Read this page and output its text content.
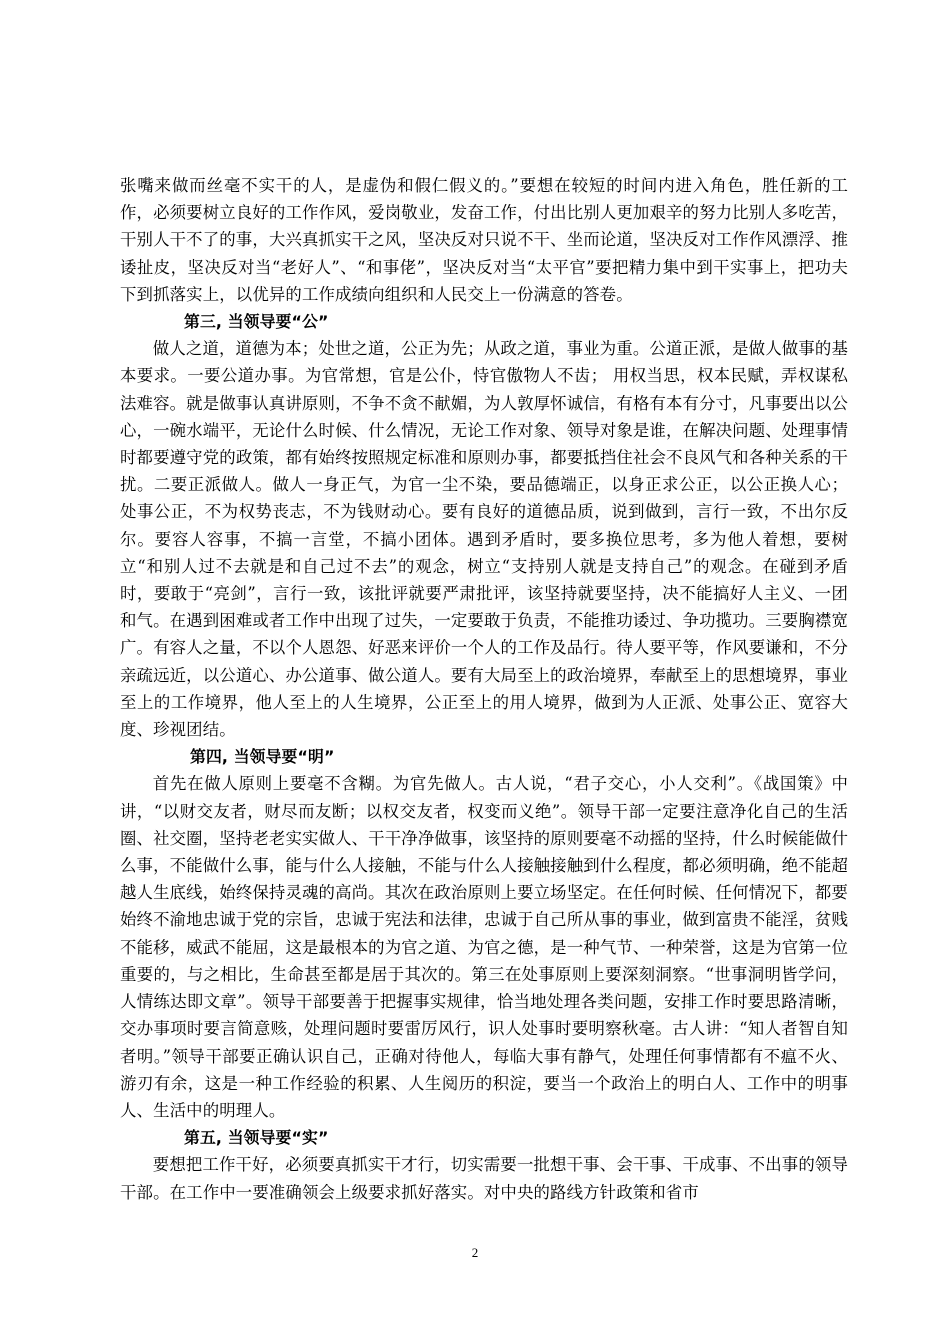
张嘴来做而丝毫不实干的人，是虚伪和假仁假义的。”要想在较短的时间内进入角色，胜任新的工作，必须要树立良好的工作作风，爱岗敬业，发奋工作，付出比别人更加艰辛的努力比别人多吃苦，干别人干不了的事，大兴真抓实干之风，坚决反对只说不干、坐而论道，坚决反对工作作风漂浮、推诿扯皮，坚决反对当“老好人”、“和事佬”，坚决反对当“太平官”要把精力集中到干实事上，把功夫下到抓落实上，以优异的工作成绩向组织和人民交上一份满意的答卷。

第三, 当领导要“公”

做人之道，道德为本；处世之道，公正为先；从政之道，事业为重。公道正派，是做人做事的基本要求。一要公道办事。为官常想，官是公仆，恃官傲物人不齿； 用权当思，权本民赋，弄权谋私法难容。就是做事认真讲原则，不争不贪不献媚，为人敦厚怀诚信，有格有本有分寸，凡事要出以公心，一碗水端平，无论什么时候、什么情况，无论工作对象、领导对象是谁，在解决问题、处理事情时都要遵守党的政策，都有始终按照规定标准和原则办事，都要抵挡住社会不良风气和各种关系的干扰。二要正派做人。做人一身正气，为官一尘不染，要品德端正，以身正求公正，以公正换人心； 处事公正，不为权势丧志，不为钱财动心。要有良好的道德品质，说到做到，言行一致，不出尔反尔。要容人容事，不搞一言堂，不搞小团体。遇到矛盾时，要多换位思考，多为他人着想，要树立“和别人过不去就是和自己过不去”的观念，树立“支持别人就是支持自己”的观念。在碰到矛盾时，要敢于“亮剑”，言行一致，该批评就要严肃批评，该坚持就要坚持，决不能搞好人主义、一团和气。在遇到困难或者工作中出现了过失，一定要敢于负责，不能推功诿过、争功揽功。三要胸襟宽广。有容人之量，不以个人恩怨、好恶来评价一个人的工作及品行。待人要平等，作风要谦和，不分亲疏远近，以公道心、办公道事、做公道人。要有大局至上的政治境界，奉献至上的思想境界，事业至上的工作境界，他人至上的人生境界，公正至上的用人境界，做到为人正派、处事公正、宽容大度、珍视团结。

第四, 当领导要“明”

首先在做人原则上要毫不含糊。为官先做人。古人说，“君子交心，小人交利”。《战国策》中讲，“以财交友者，财尽而友断；以权交友者，权变而义绝”。领导干部一定要注意净化自己的生活圈、社交圈，坚持老老实实做人、干干净净做事，该坚持的原则要毫不动摇的坚持，什么时候能做什么事，不能做什么事，能与什么人接触，不能与什么人接触接触到什么程度，都必须明确，绝不能超越人生底线，始终保持灵魂的高尚。其次在政治原则上要立场坚定。在任何时候、任何情况下，都要始终不渝地忠诚于党的宗旨，忠诚于宪法和法律，忠诚于自己所从事的事业，做到富贵不能淫，贫贱不能移，威武不能屈，这是最根本的为官之道、为官之德，是一种气节、一种荣誉，这是为官第一位重要的，与之相比，生命甚至都是居于其次的。第三在处事原则上要深刻洞察。“世事洞明皆学问，人情练达即文章”。领导干部要善于把握事实规律，恰当地处理各类问题，安排工作时要思路清晰，交办事项时要言简意赅，处理问题时要雷厉风行，识人处事时要明察秋毫。古人讲：“知人者智自知者明。”领导干部要正确认识自己，正确对待他人，每临大事有静气，处理任何事情都有不瘟不火、游刃有余，这是一种工作经验的积累、人生阅历的积淀，要当一个政治上的明白人、工作中的明事人、生活中的明理人。

第五, 当领导要“实”

要想把工作干好，必须要真抓实干才行，切实需要一批想干事、会干事、干成事、不出事的领导干部。在工作中一要准确领会上级要求抓好落实。对中央的路线方针政策和省市

2
